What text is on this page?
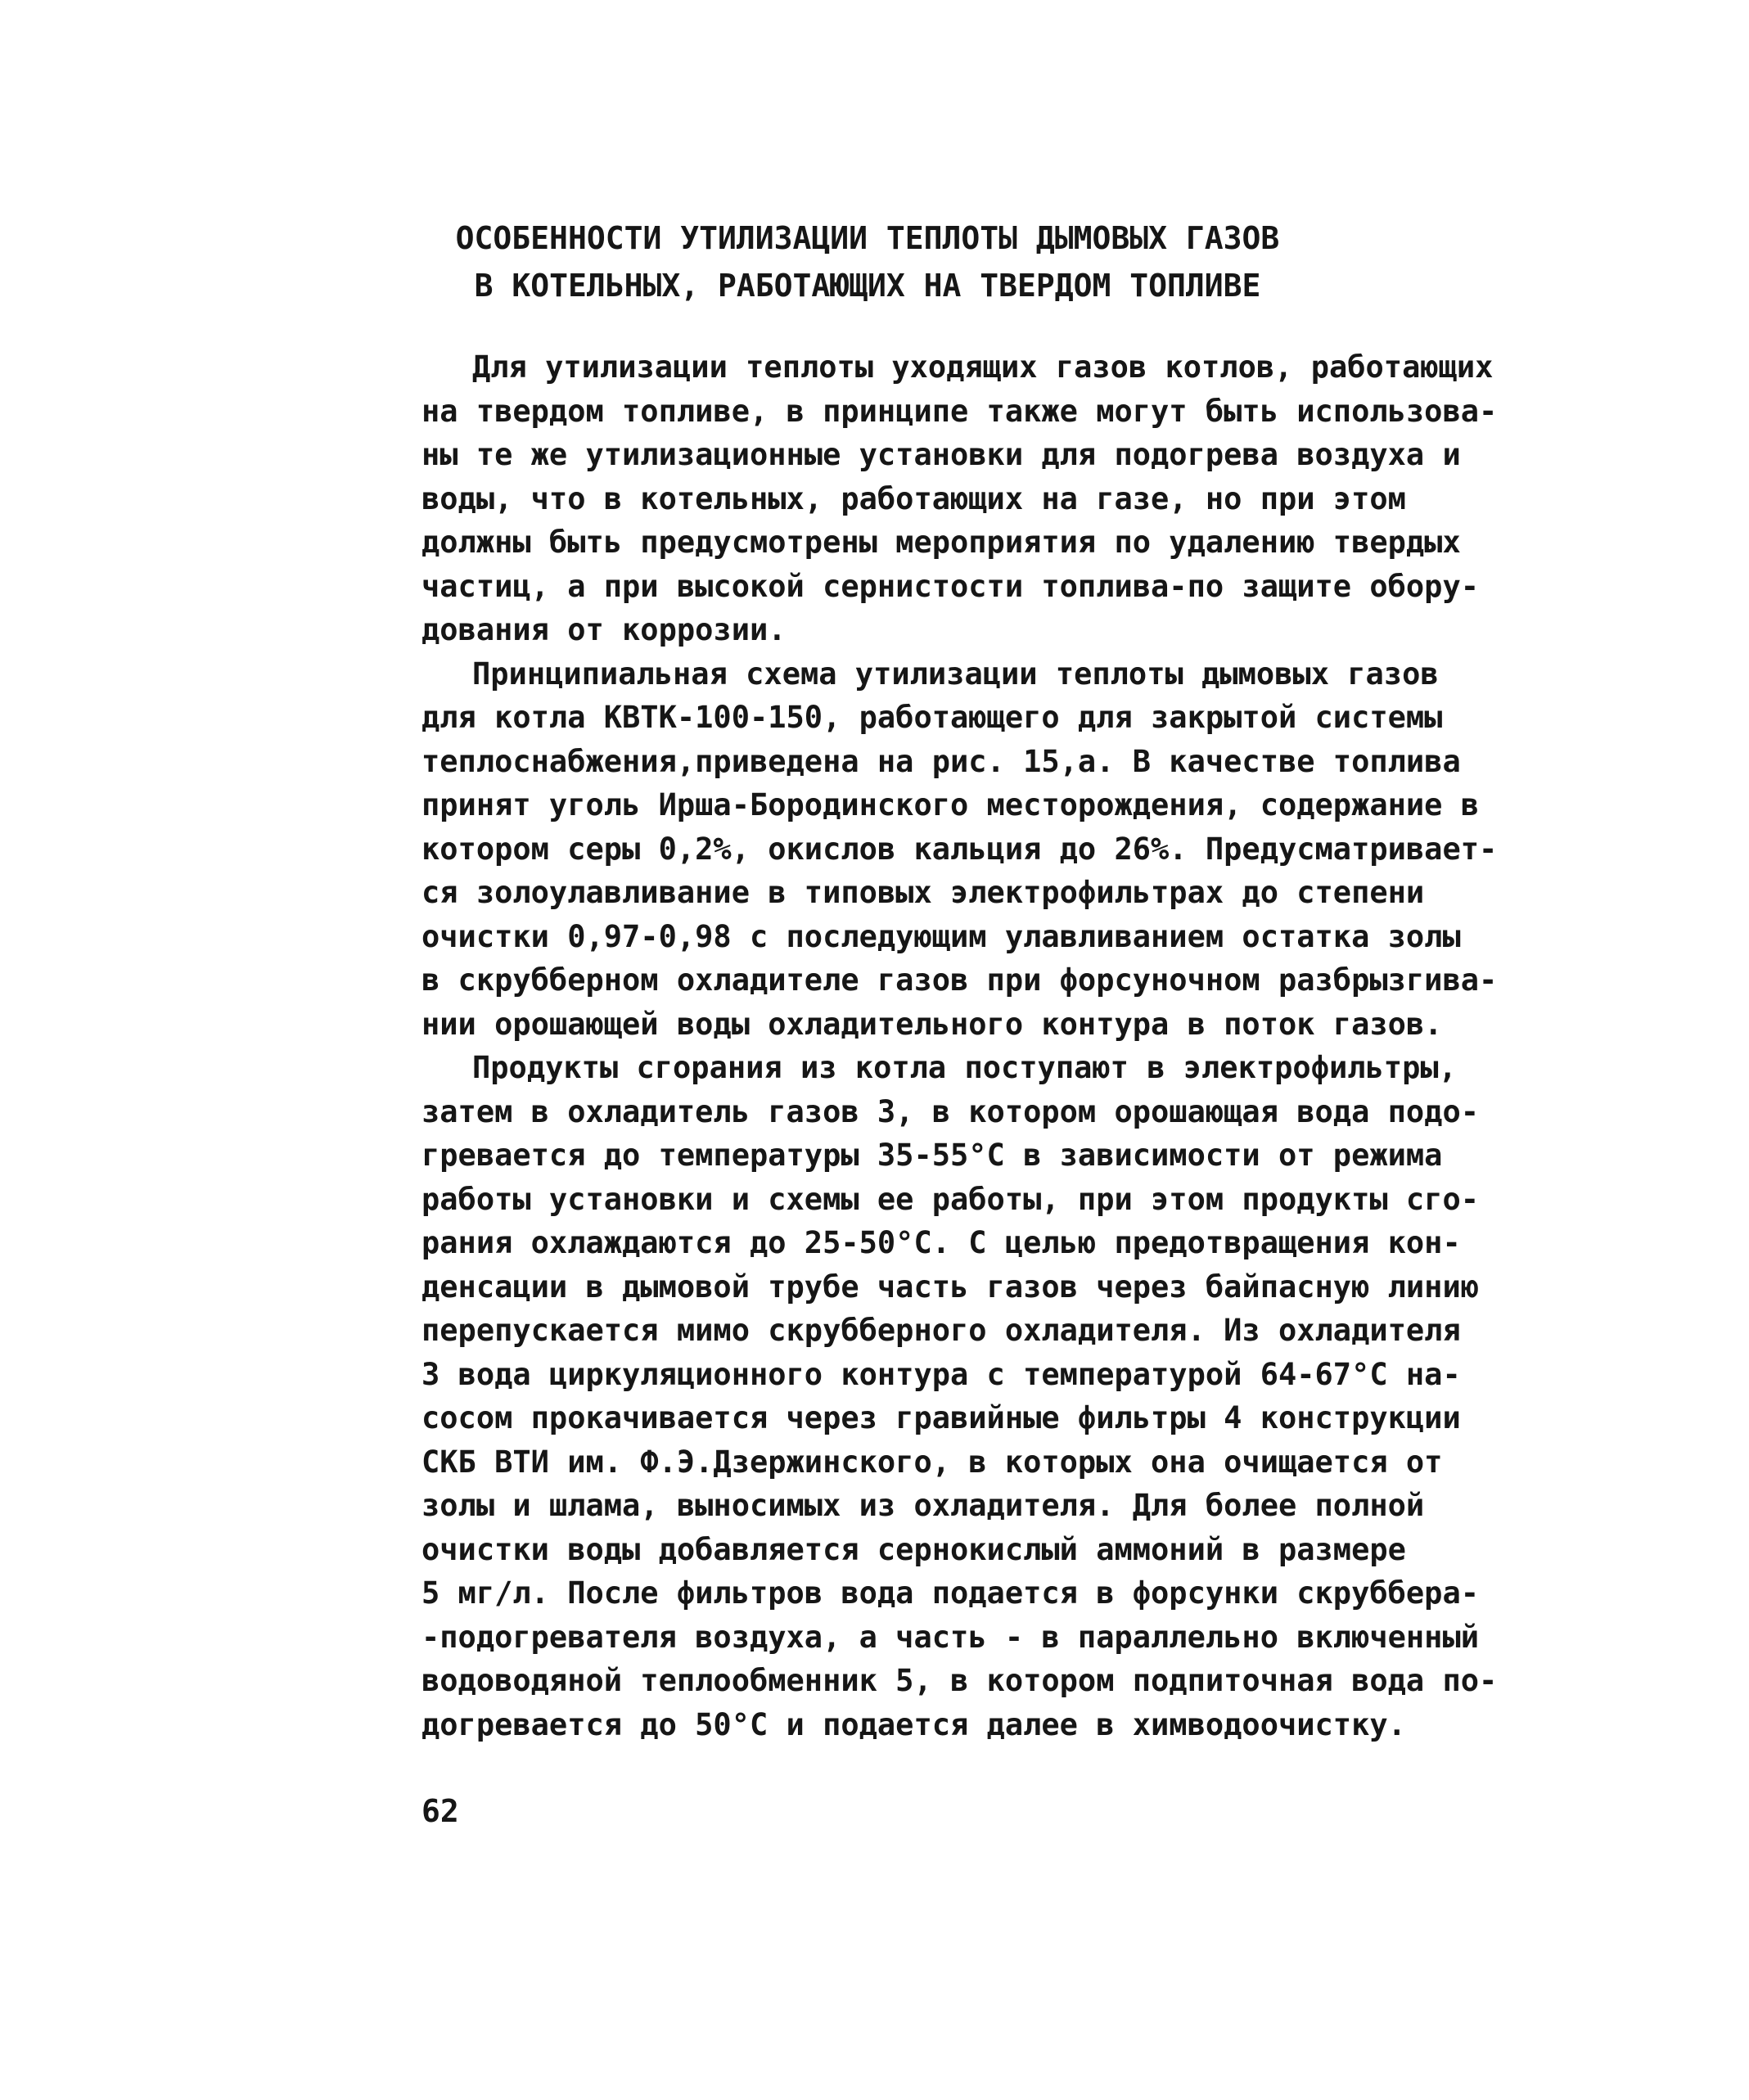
ОСОБЕННОСТИ УТИЛИЗАЦИИ ТЕПЛОТЫ ДЫМОВЫХ ГАЗОВ
В КОТЕЛЬНЫХ, РАБОТАЮЩИХ НА ТВЕРДОМ ТОПЛИВЕ
Для утилизации теплоты уходящих газов котлов, работающих
на твердом топливе, в принципе также могут быть использова-
ны те же утилизационные установки для подогрева воздуха и
воды, что в котельных, работающих на газе, но при этом
должны быть предусмотрены мероприятия по удалению твердых
частиц, а при высокой сернистости топлива-по защите обору-
дования от коррозии.
Принципиальная схема утилизации теплоты дымовых газов
для котла КВТК-100-150, работающего для закрытой системы
теплоснабжения,приведена на рис. 15,а. В качестве топлива
принят уголь Ирша-Бородинского месторождения, содержание в
котором серы 0,2%, окислов кальция до 26%. Предусматривает-
ся золоулавливание в типовых электрофильтрах до степени
очистки 0,97-0,98 с последующим улавливанием остатка золы
в скрубберном охладителе газов при форсуночном разбрызгива-
нии орошающей воды охладительного контура в поток газов.
Продукты сгорания из котла поступают в электрофильтры,
затем в охладитель газов 3, в котором орошающая вода подо-
гревается до температуры 35-55°C в зависимости от режима
работы установки и схемы ее работы, при этом продукты сго-
рания охлаждаются до 25-50°C. С целью предотвращения кон-
денсации в дымовой трубе часть газов через байпасную линию
перепускается мимо скрубберного охладителя. Из охладителя
3 вода циркуляционного контура с температурой 64-67°C на-
сосом прокачивается через гравийные фильтры 4 конструкции
СКБ ВТИ им. Ф.Э.Дзержинского, в которых она очищается от
золы и шлама, выносимых из охладителя. Для более полной
очистки воды добавляется сернокислый аммоний в размере
5 мг/л. После фильтров вода подается в форсунки скруббера-
-подогревателя воздуха, а часть - в параллельно включенный
водоводяной теплообменник 5, в котором подпиточная вода по-
догревается до 50°C и подается далее в химводоочистку.
62
